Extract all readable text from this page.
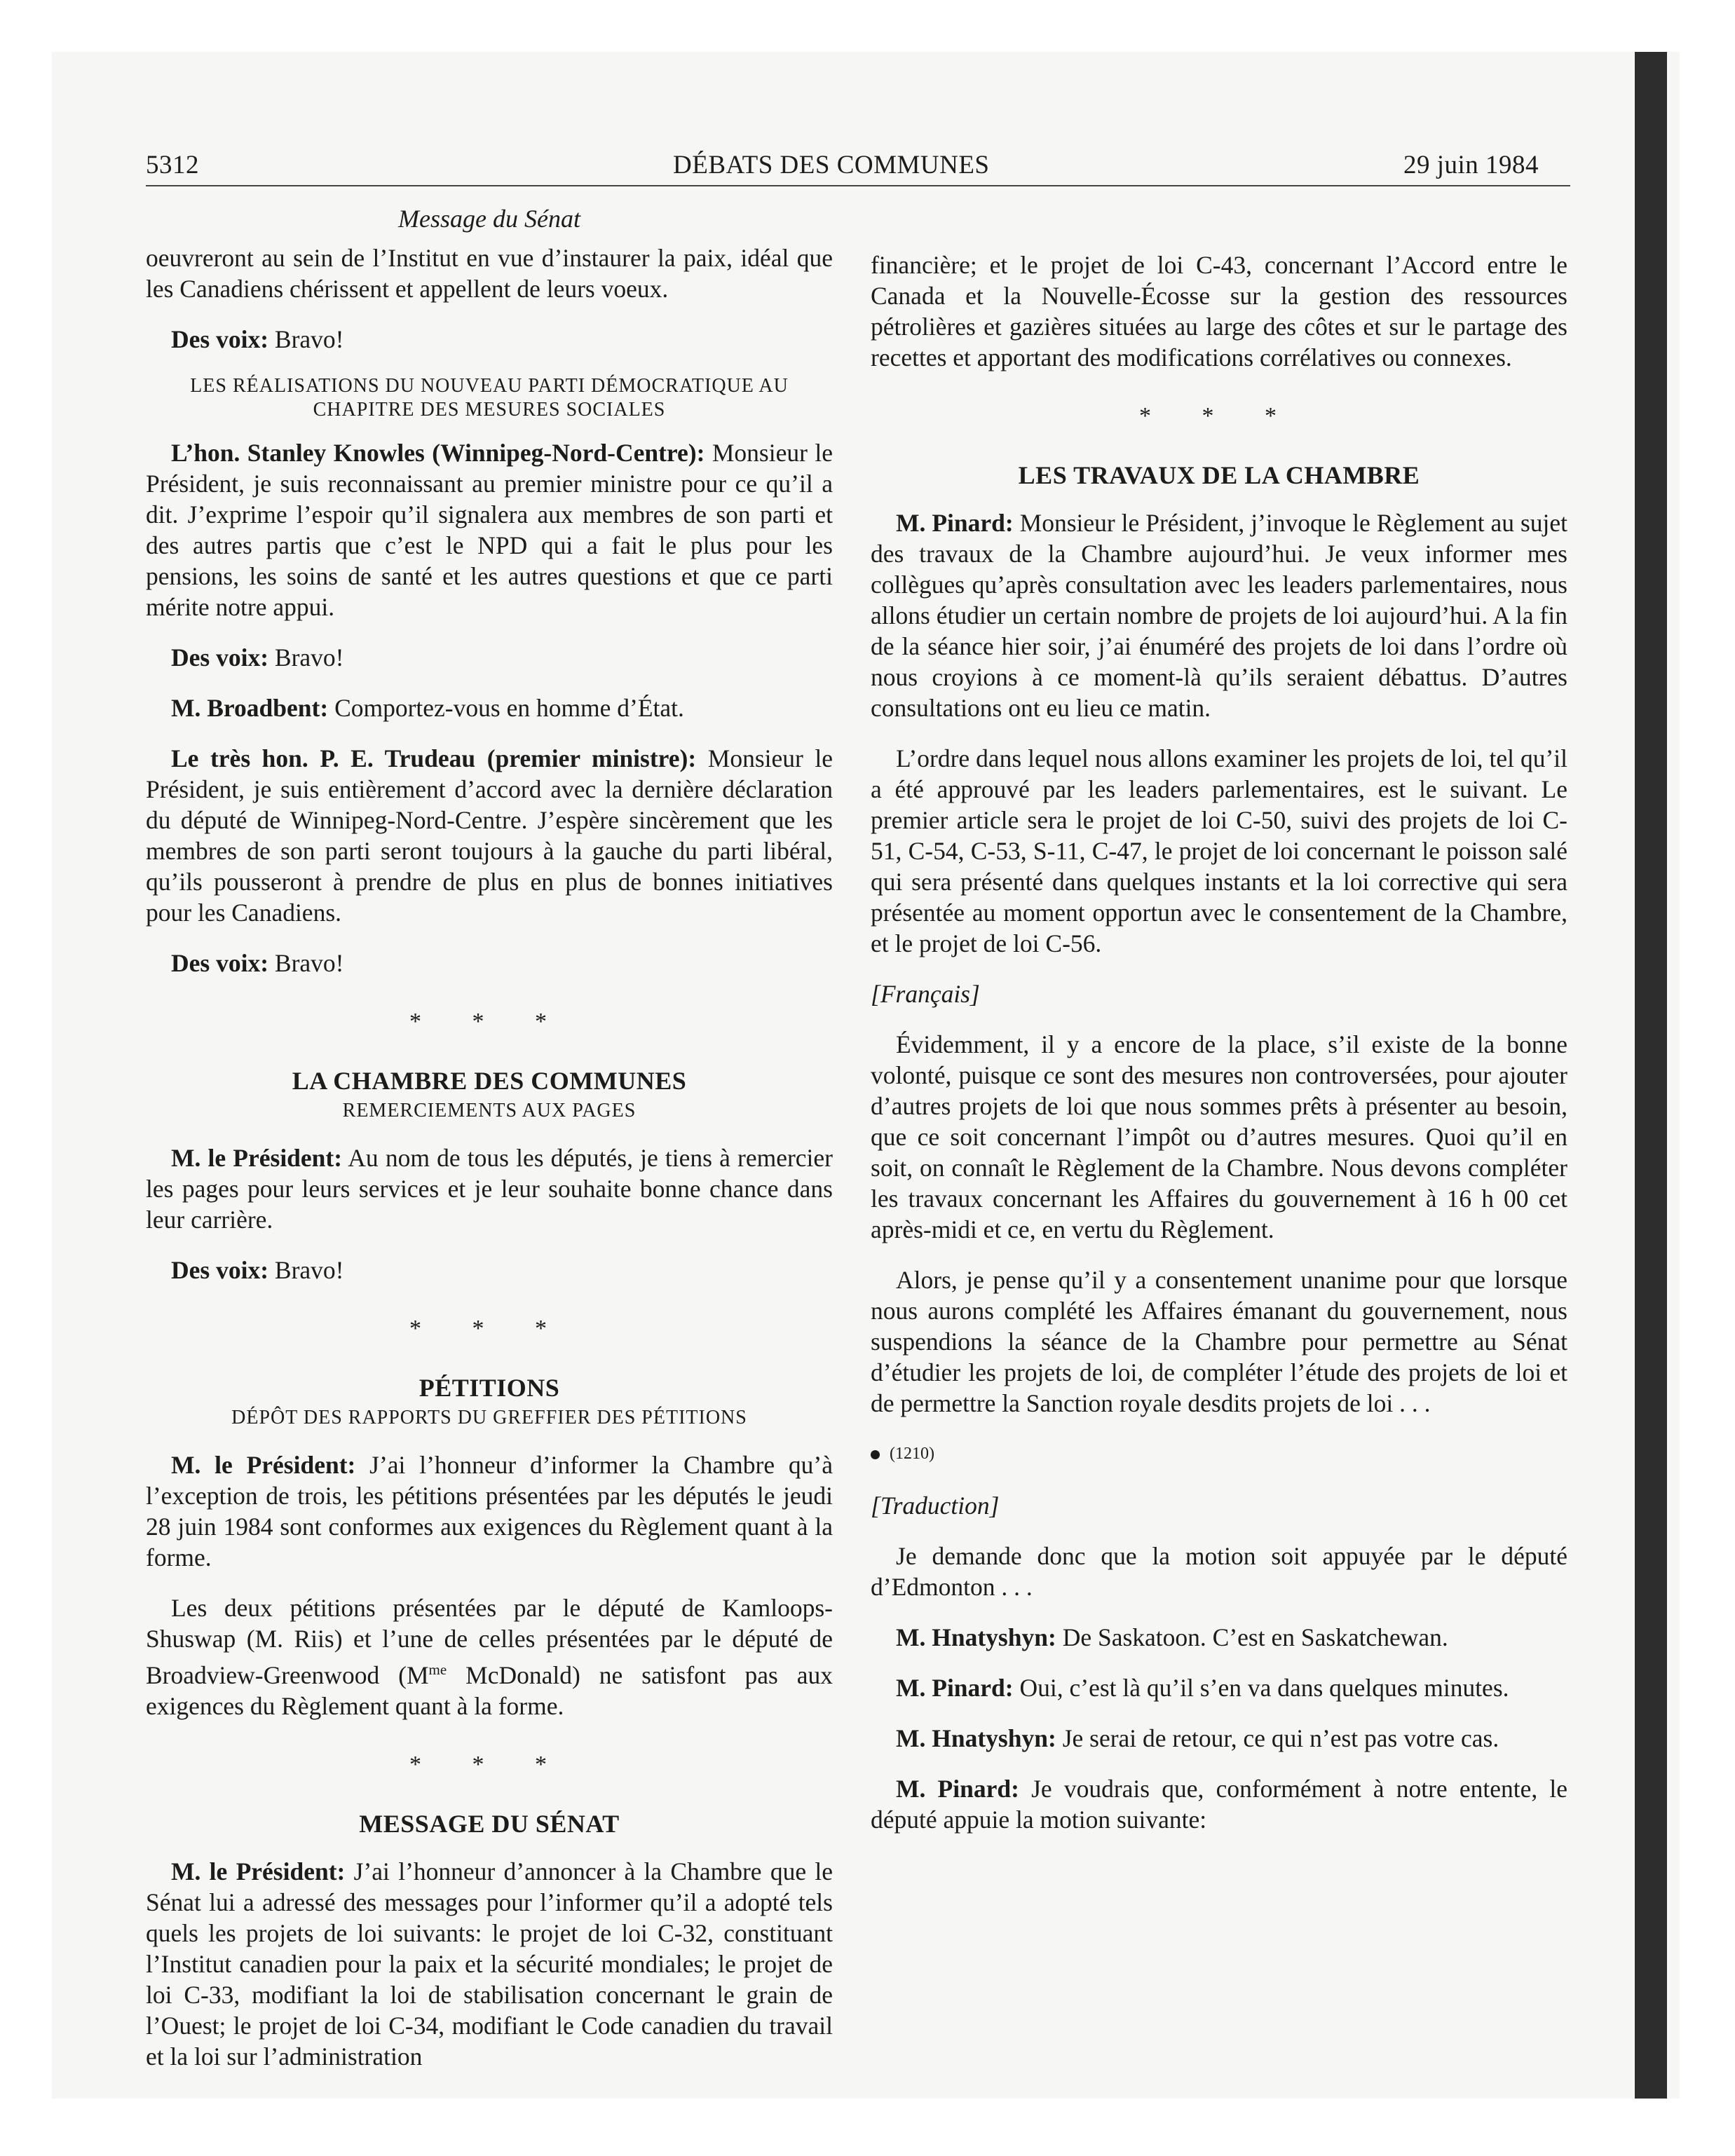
5312	DÉBATS DES COMMUNES	29 juin 1984
Message du Sénat

oeuvreront au sein de l’Institut en vue d’instaurer la paix, idéal que les Canadiens chérissent et appellent de leurs voeux.

Des voix: Bravo!

LES RÉALISATIONS DU NOUVEAU PARTI DÉMOCRATIQUE AU
CHAPITRE DES MESURES SOCIALES

L’hon. Stanley Knowles (Winnipeg-Nord-Centre): Monsieur le Président, je suis reconnaissant au premier ministre pour ce qu’il a dit. J’exprime l’espoir qu’il signalera aux membres de son parti et des autres partis que c’est le NPD qui a fait le plus pour les pensions, les soins de santé et les autres questions et que ce parti mérite notre appui.

Des voix: Bravo!

M. Broadbent: Comportez-vous en homme d’État.

Le très hon. P. E. Trudeau (premier ministre): Monsieur le Président, je suis entièrement d’accord avec la dernière déclaration du député de Winnipeg-Nord-Centre. J’espère sincèrement que les membres de son parti seront toujours à la gauche du parti libéral, qu’ils pousseront à prendre de plus en plus de bonnes initiatives pour les Canadiens.

Des voix: Bravo!

* * *
LA CHAMBRE DES COMMUNES
REMERCIEMENTS AUX PAGES

M. le Président: Au nom de tous les députés, je tiens à remercier les pages pour leurs services et je leur souhaite bonne chance dans leur carrière.

Des voix: Bravo!

* * *
PÉTITIONS
DÉPÔT DES RAPPORTS DU GREFFIER DES PÉTITIONS

M. le Président: J’ai l’honneur d’informer la Chambre qu’à l’exception de trois, les pétitions présentées par les députés le jeudi 28 juin 1984 sont conformes aux exigences du Règlement quant à la forme.

Les deux pétitions présentées par le député de Kamloops-Shuswap (M. Riis) et l’une de celles présentées par le député de Broadview-Greenwood ($M^{me}$ McDonald) ne satisfont pas aux exigences du Règlement quant à la forme.

* * *
MESSAGE DU SÉNAT

M. le Président: J’ai l’honneur d’annoncer à la Chambre que le Sénat lui a adressé des messages pour l’informer qu’il a adopté tels quels les projets de loi suivants: le projet de loi C-32, constituant l’Institut canadien pour la paix et la sécurité mondiales; le projet de loi C-33, modifiant la loi de stabilisation concernant le grain de l’Ouest; le projet de loi C-34, modifiant le Code canadien du travail et la loi sur l’administration

financière; et le projet de loi C-43, concernant l’Accord entre le Canada et la Nouvelle-Écosse sur la gestion des ressources pétrolières et gazières situées au large des côtes et sur le partage des recettes et apportant des modifications corrélatives ou connexes.

* * *
LES TRAVAUX DE LA CHAMBRE

M. Pinard: Monsieur le Président, j’invoque le Règlement au sujet des travaux de la Chambre aujourd’hui. Je veux informer mes collègues qu’après consultation avec les leaders parlementaires, nous allons étudier un certain nombre de projets de loi aujourd’hui. A la fin de la séance hier soir, j’ai énuméré des projets de loi dans l’ordre où nous croyions à ce moment-là qu’ils seraient débattus. D’autres consultations ont eu lieu ce matin.

L’ordre dans lequel nous allons examiner les projets de loi, tel qu’il a été approuvé par les leaders parlementaires, est le suivant. Le premier article sera le projet de loi C-50, suivi des projets de loi C-51, C-54, C-53, S-11, C-47, le projet de loi concernant le poisson salé qui sera présenté dans quelques instants et la loi corrective qui sera présentée au moment opportun avec le consentement de la Chambre, et le projet de loi C-56.

[Français]

Évidemment, il y a encore de la place, s’il existe de la bonne volonté, puisque ce sont des mesures non controversées, pour ajouter d’autres projets de loi que nous sommes prêts à présenter au besoin, que ce soit concernant l’impôt ou d’autres mesures. Quoi qu’il en soit, on connaît le Règlement de la Chambre. Nous devons compléter les travaux concernant les Affaires du gouvernement à 16 h 00 cet après-midi et ce, en vertu du Règlement.

Alors, je pense qu’il y a consentement unanime pour que lorsque nous aurons complété les Affaires émanant du gouvernement, nous suspendions la séance de la Chambre pour permettre au Sénat d’étudier les projets de loi, de compléter l’étude des projets de loi et de permettre la Sanction royale desdits projets de loi . . .

(1210)

[Traduction]

Je demande donc que la motion soit appuyée par le député d’Edmonton . . .

M. Hnatyshyn: De Saskatoon. C’est en Saskatchewan.

M. Pinard: Oui, c’est là qu’il s’en va dans quelques minutes.

M. Hnatyshyn: Je serai de retour, ce qui n’est pas votre cas.

M. Pinard: Je voudrais que, conformément à notre entente, le député appuie la motion suivante:
